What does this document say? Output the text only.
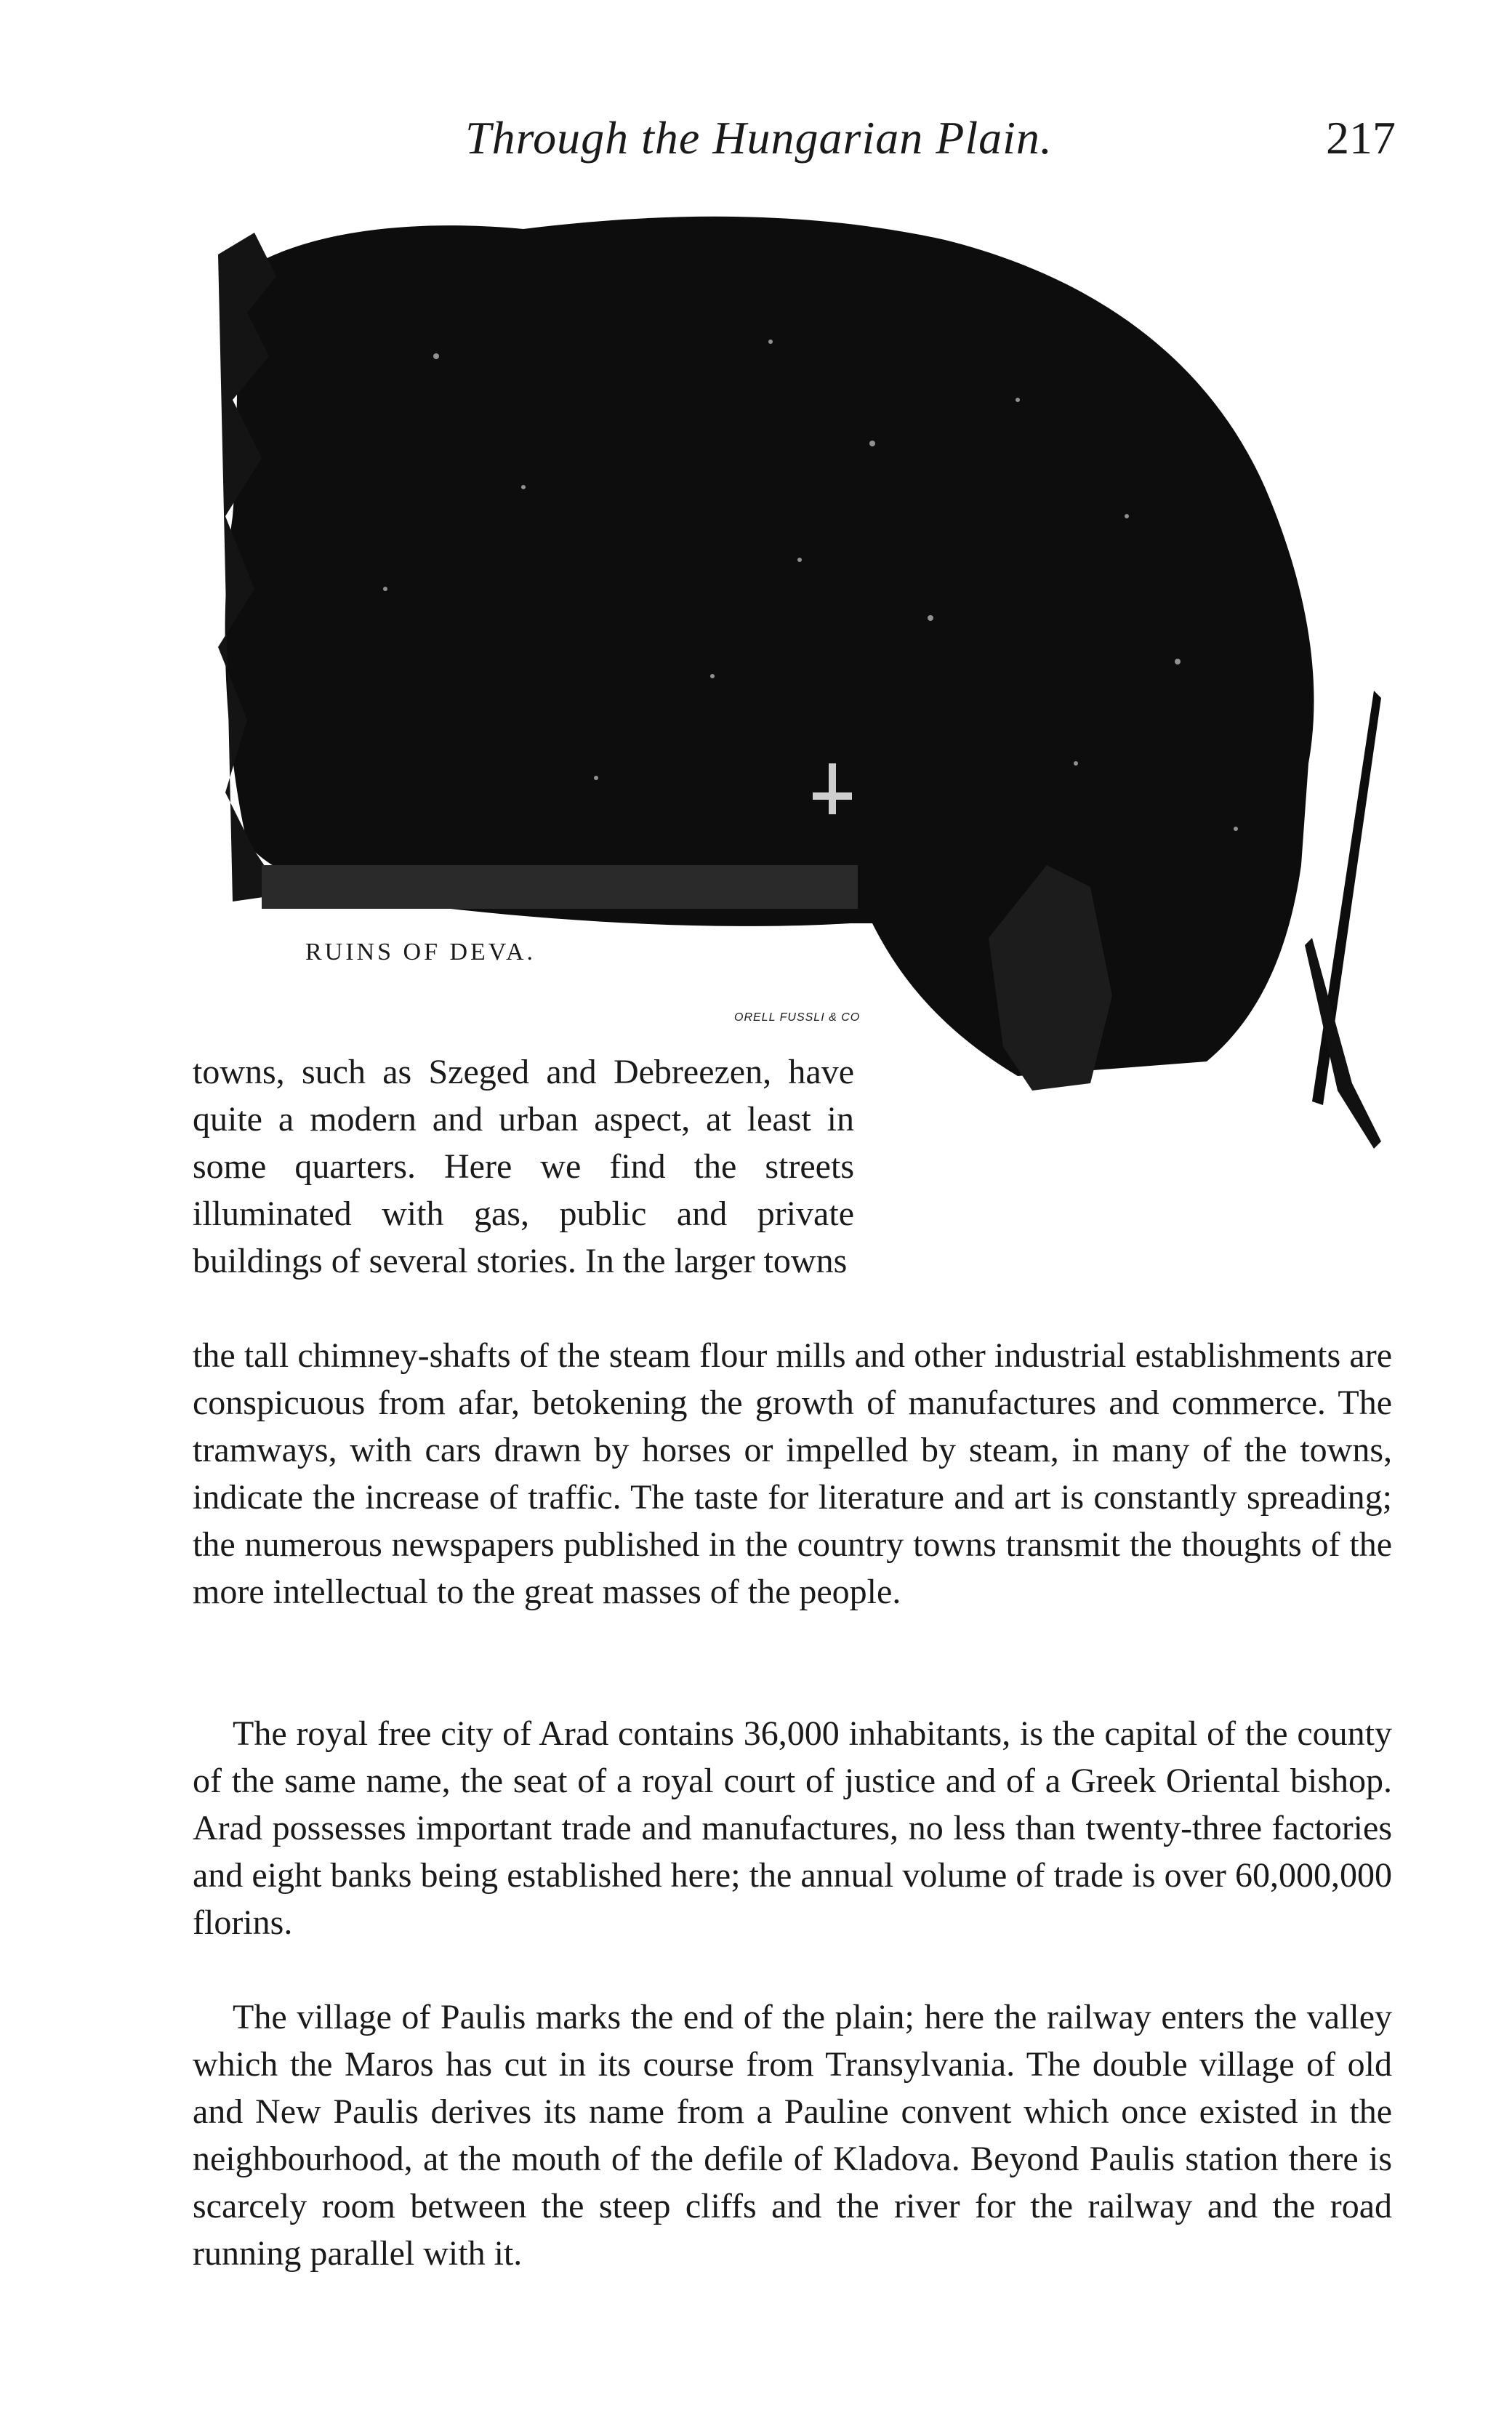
Through the Hungarian Plain.	217
RUINS OF DEVA.
ORELL FUSSLI & CO

towns, such as Szeged and Debreezen, have quite a modern and urban aspect, at least in some quarters. Here we find the streets illuminated with gas, public and private buildings of several stories. In the larger towns

the tall chimney-shafts of the steam flour mills and other industrial establishments are conspicuous from afar, betokening the growth of manufactures and commerce. The tramways, with cars drawn by horses or impelled by steam, in many of the towns, indicate the increase of traffic. The taste for literature and art is constantly spreading; the numerous newspapers published in the country towns transmit the thoughts of the more intellectual to the great masses of the people.

The royal free city of Arad contains 36,000 inhabitants, is the capital of the county of the same name, the seat of a royal court of justice and of a Greek Oriental bishop. Arad possesses important trade and manufactures, no less than twenty-three factories and eight banks being established here; the annual volume of trade is over 60,000,000 florins.

The village of Paulis marks the end of the plain; here the railway enters the valley which the Maros has cut in its course from Transylvania. The double village of old and New Paulis derives its name from a Pauline convent which once existed in the neighbourhood, at the mouth of the defile of Kladova. Beyond Paulis station there is scarcely room between the steep cliffs and the river for the railway and the road running parallel with it.
